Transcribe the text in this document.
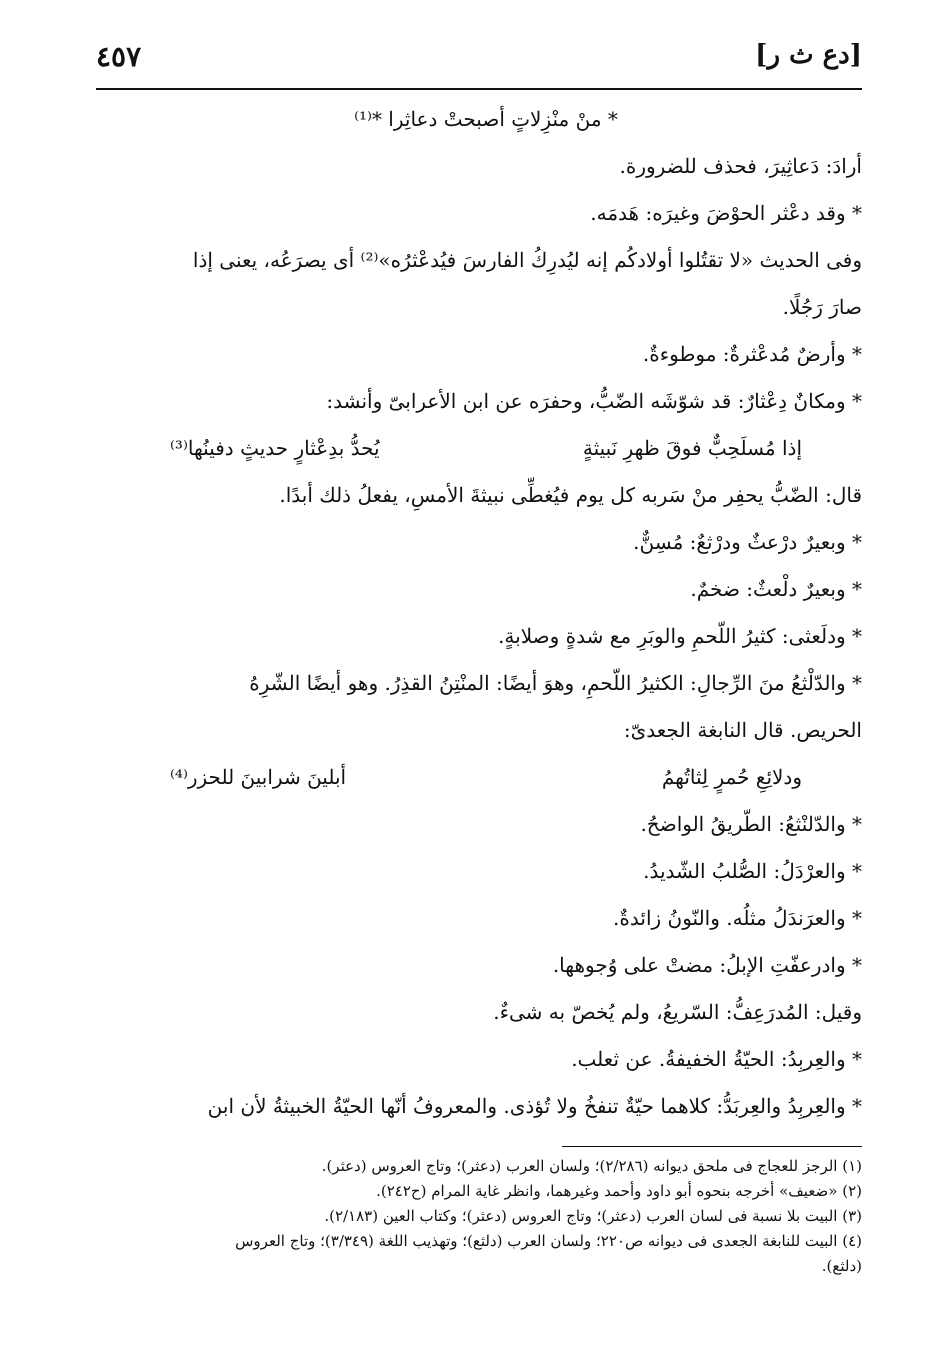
[دع ث ر]
٤٥٧

* منْ منْزِلاتٍ أصبحتْ دعاثِرا *⁽¹⁾

أرادَ: دَعاثِيرَ، فحذف للضرورة.

* وقد دعْثر الحوْضَ وغيرَه: هَدمَه.

وفى الحديث «لا تقتُلوا أولادكُم إنه ليُدرِكُ الفارسَ فيُدعْثرُه»⁽²⁾ أى يصرَعُه، يعنى إذا

صارَ رَجُلًا.

* وأرضٌ مُدعْثرةٌ: موطوءةٌ.

* ومكانٌ دِعْثارٌ: قد شوّشَه الضّبُّ، وحفرَه عن ابن الأعرابىّ وأنشد:

إذا مُسلَحِبٌّ فوقَ ظهرِ نَبيثةٍ
يُحدُّ بدِعْثارٍ حديثٍ دفينُها⁽³⁾

قال: الضّبُّ يحفِر منْ سَربه كل يوم فيُغطِّى نبيثةَ الأمسِ، يفعلُ ذلك أبدًا.

* وبعيرٌ درْعثٌ ودرْثعٌ: مُسِنٌّ.

* وبعيرٌ دلْعثٌ: ضخمٌ.

* ودلَعثى: كثيرُ اللّحمِ والوبَرِ مع شدةٍ وصلابةٍ.

* والدّلْثعُ منَ الرِّجالِ: الكثيرُ اللّحمِ، وهوَ أيضًا: المنْتِنُ القذِرُ. وهو أيضًا الشّرِهُ

الحريص. قال النابغة الجعدىّ:

ودلائِعِ حُمرٍ لِثاتُهمُ
أبلينَ شرابينَ للحزر⁽⁴⁾

* والدّلنْثعُ: الطّريقُ الواضحُ.

* والعرْدَلُ: الصُّلبُ الشّديدُ.

* والعرَندَلُ مثلُه. والنّونُ زائدةٌ.

* وادرعفّتِ الإبلُ: مضتْ على وُجوهها.

وقيل: المُدرَعِفُّ: السّريعُ، ولم يُخصّ به شىءٌ.

* والعِربِدُ: الحيّةُ الخفيفةُ. عن ثعلب.

* والعِربِدُ والعِربَدُّ: كلاهما حيّةٌ تنفخُ ولا تُؤذى. والمعروفُ أنّها الحيّةُ الخبيثةُ لأن ابن

(١) الرجز للعجاج فى ملحق ديوانه (٢/٢٨٦)؛ ولسان العرب (دعثر)؛ وتاج العروس (دعثر).

(٢) «ضعيف» أخرجه بنحوه أبو داود وأحمد وغيرهما، وانظر غاية المرام (ح٢٤٢).

(٣) البيت بلا نسبة فى لسان العرب (دعثر)؛ وتاج العروس (دعثر)؛ وكتاب العين (٢/١٨٣).

(٤) البيت للنابغة الجعدى فى ديوانه ص٢٢٠؛ ولسان العرب (دلثع)؛ وتهذيب اللغة (٣/٣٤٩)؛ وتاج العروس

(دلثع).
